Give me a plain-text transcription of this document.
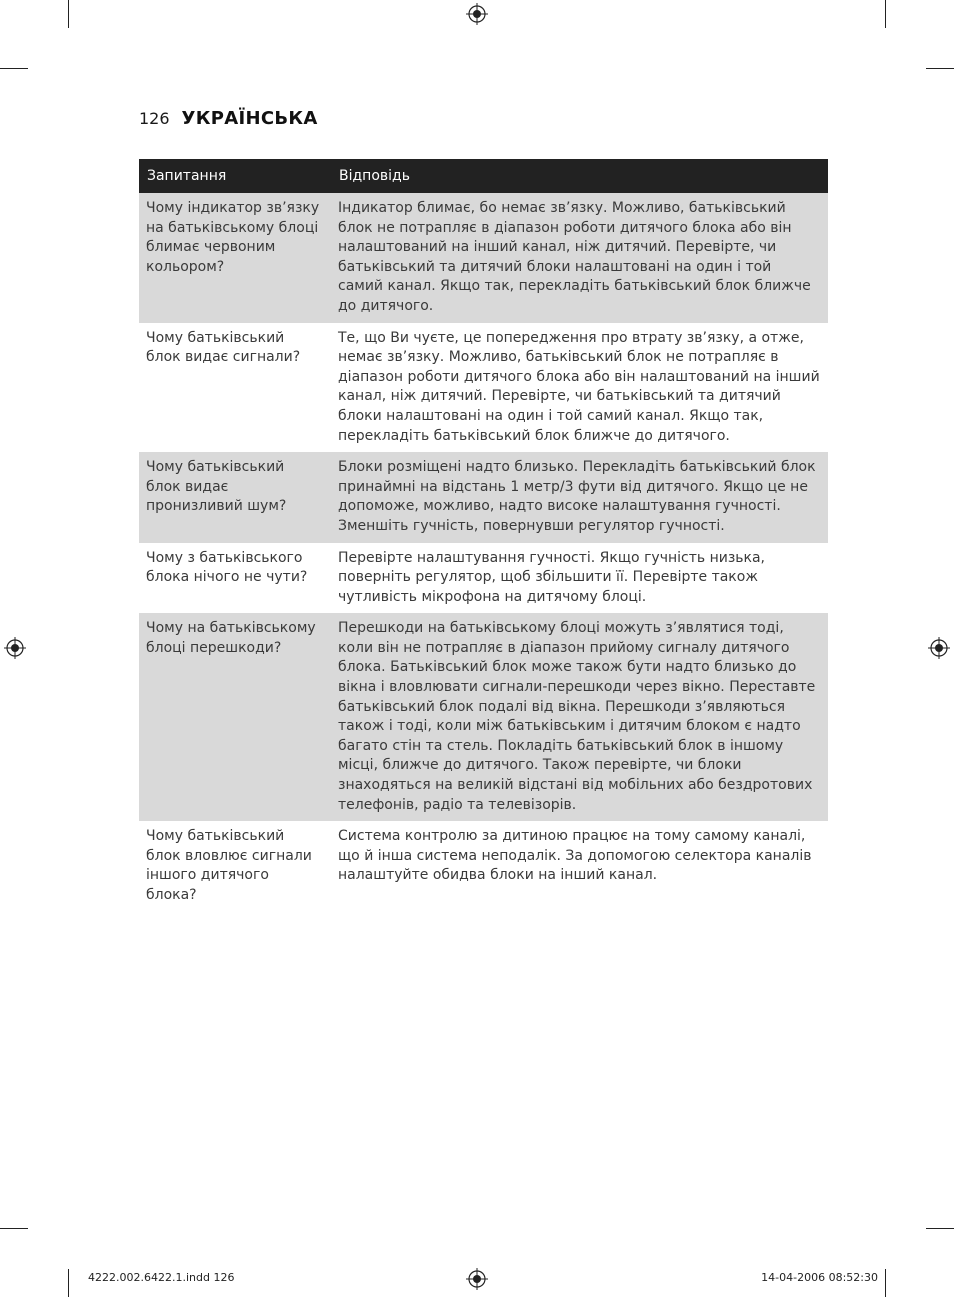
126 УКРАЇНСЬКА
Запитання	Відповідь
Чому індикатор зв’язку на батьківському блоці блимає червоним кольором?	Індикатор блимає, бо немає зв’язку. Можливо, батьківський блок не потрапляє в діапазон роботи дитячого блока або він налаштований на інший канал, ніж дитячий. Перевірте, чи батьківський та дитячий блоки налаштовані на один і той самий канал. Якщо так, перекладіть батьківський блок ближче до дитячого.
Чому батьківський блок видає сигнали?	Те, що Ви чуєте, це попередження про втрату зв’язку, а отже, немає зв’язку. Можливо, батьківський блок не потрапляє в діапазон роботи дитячого блока або він налаштований на інший канал, ніж дитячий. Перевірте, чи батьківський та дитячий блоки налаштовані на один і той самий канал. Якщо так, перекладіть батьківський блок ближче до дитячого.
Чому батьківський блок видає пронизливий шум?	Блоки розміщені надто близько. Перекладіть батьківський блок принаймні на відстань 1 метр/3 фути від дитячого. Якщо це не допоможе, можливо, надто високе налаштування гучності. Зменшіть гучність, повернувши регулятор гучності.
Чому з батьківського блока нічого не чути?	Перевірте налаштування гучності. Якщо гучність низька, поверніть регулятор, щоб збільшити її. Перевірте також чутливість мікрофона на дитячому блоці.
Чому на батьківському блоці перешкоди?	Перешкоди на батьківському блоці можуть з’являтися тоді, коли він не потрапляє в діапазон прийому сигналу дитячого блока. Батьківський блок може також бути надто близько до вікна і вловлювати сигнали-перешкоди через вікно. Переставте батьківський блок подалі від вікна. Перешкоди з’являються також і тоді, коли між батьківським і дитячим блоком є надто багато стін та стель. Покладіть батьківський блок в іншому місці, ближче до дитячого. Також перевірте, чи блоки знаходяться на великій відстані від мобільних або бездротових телефонів, радіо та телевізорів.
Чому батьківський блок вловлює сигнали іншого дитячого блока?	Система контролю за дитиною працює на тому самому каналі, що й інша система неподалік. За допомогою селектора каналів налаштуйте обидва блоки на інший канал.
4222.002.6422.1.indd 126	14-04-2006 08:52:30
